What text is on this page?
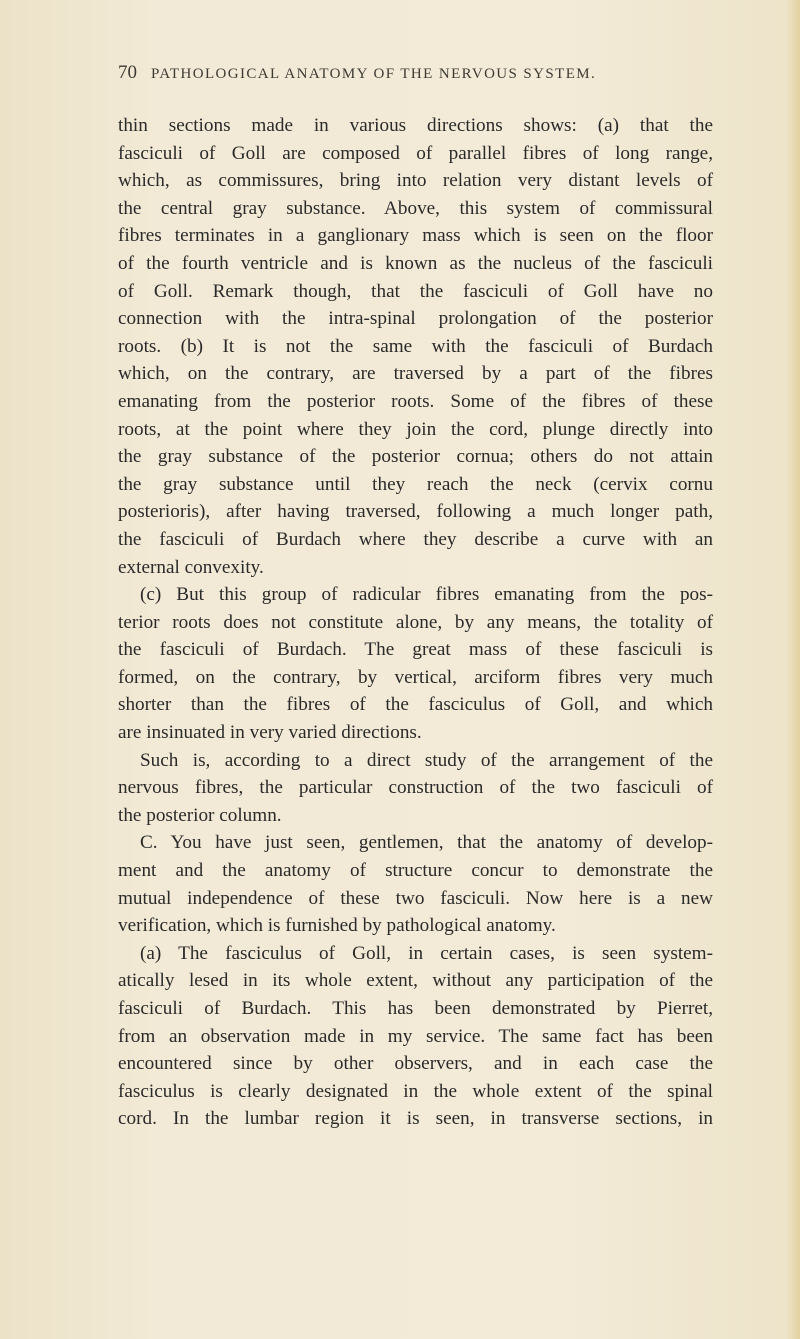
70 PATHOLOGICAL ANATOMY OF THE NERVOUS SYSTEM.
thin sections made in various directions shows: (a) that the
fasciculi of Goll are composed of parallel fibres of long range,
which, as commissures, bring into relation very distant levels of
the central gray substance. Above, this system of commissural
fibres terminates in a ganglionary mass which is seen on the floor
of the fourth ventricle and is known as the nucleus of the fasciculi
of Goll. Remark though, that the fasciculi of Goll have no
connection with the intra-spinal prolongation of the posterior
roots. (b) It is not the same with the fasciculi of Burdach
which, on the contrary, are traversed by a part of the fibres
emanating from the posterior roots. Some of the fibres of these
roots, at the point where they join the cord, plunge directly into
the gray substance of the posterior cornua; others do not attain
the gray substance until they reach the neck (cervix cornu
posterioris), after having traversed, following a much longer path,
the fasciculi of Burdach where they describe a curve with an
external convexity.
(c) But this group of radicular fibres emanating from the pos-
terior roots does not constitute alone, by any means, the totality of
the fasciculi of Burdach. The great mass of these fasciculi is
formed, on the contrary, by vertical, arciform fibres very much
shorter than the fibres of the fasciculus of Goll, and which
are insinuated in very varied directions.
Such is, according to a direct study of the arrangement of the
nervous fibres, the particular construction of the two fasciculi of
the posterior column.
C. You have just seen, gentlemen, that the anatomy of develop-
ment and the anatomy of structure concur to demonstrate the
mutual independence of these two fasciculi. Now here is a new
verification, which is furnished by pathological anatomy.
(a) The fasciculus of Goll, in certain cases, is seen system-
atically lesed in its whole extent, without any participation of the
fasciculi of Burdach. This has been demonstrated by Pierret,
from an observation made in my service. The same fact has been
encountered since by other observers, and in each case the
fasciculus is clearly designated in the whole extent of the spinal
cord. In the lumbar region it is seen, in transverse sections, in
